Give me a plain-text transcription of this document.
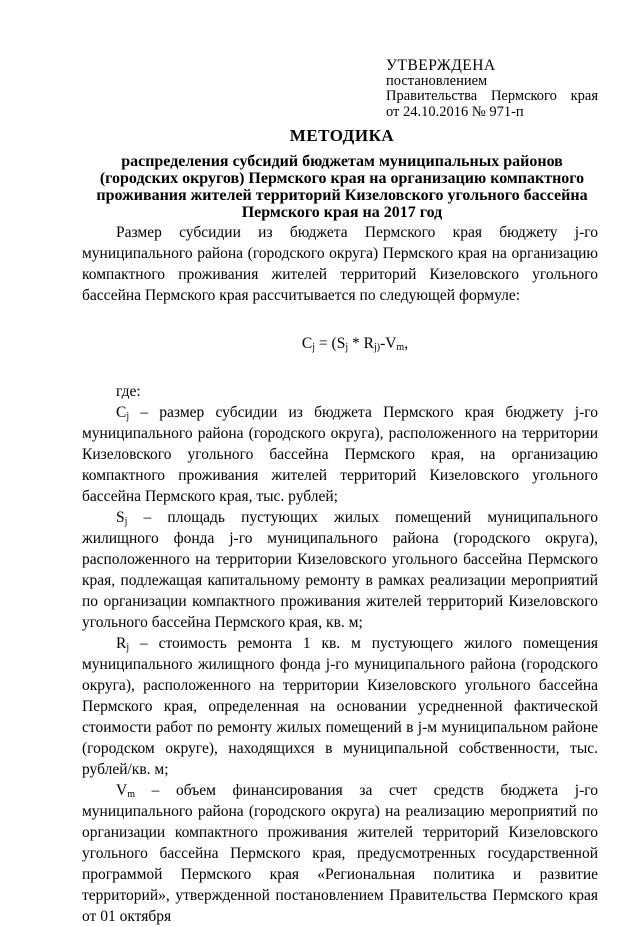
УТВЕРЖДЕНА
постановлением
Правительства Пермского края
от 24.10.2016 № 971-п
МЕТОДИКА
распределения субсидий бюджетам муниципальных районов (городских округов) Пермского края на организацию компактного проживания жителей территорий Кизеловского угольного бассейна Пермского края на 2017 год

Размер субсидии из бюджета Пермского края бюджету j-го муниципального района (городского округа) Пермского края на организацию компактного проживания жителей территорий Кизеловского угольного бассейна Пермского края рассчитывается по следующей формуле:

$C_j = (S_j * R_{j)}-V_m$,

где:

$C_j$ – размер субсидии из бюджета Пермского края бюджету j-го муниципального района (городского округа), расположенного на территории Кизеловского угольного бассейна Пермского края, на организацию компактного проживания жителей территорий Кизеловского угольного бассейна Пермского края, тыс. рублей;

$S_j$ – площадь пустующих жилых помещений муниципального жилищного фонда j-го муниципального района (городского округа), расположенного на территории Кизеловского угольного бассейна Пермского края, подлежащая капитальному ремонту в рамках реализации мероприятий по организации компактного проживания жителей территорий Кизеловского угольного бассейна Пермского края, кв. м;

$R_j$ – стоимость ремонта 1 кв. м пустующего жилого помещения муниципального жилищного фонда j-го муниципального района (городского округа), расположенного на территории Кизеловского угольного бассейна Пермского края, определенная на основании усредненной фактической стоимости работ по ремонту жилых помещений в j-м муниципальном районе (городском округе), находящихся в муниципальной собственности, тыс. рублей/кв. м;

$V_m$ – объем финансирования за счет средств бюджета j-го муниципального района (городского округа) на реализацию мероприятий по организации компактного проживания жителей территорий Кизеловского угольного бассейна Пермского края, предусмотренных государственной программой Пермского края «Региональная политика и развитие территорий», утвержденной постановлением Правительства Пермского края от 01 октября
